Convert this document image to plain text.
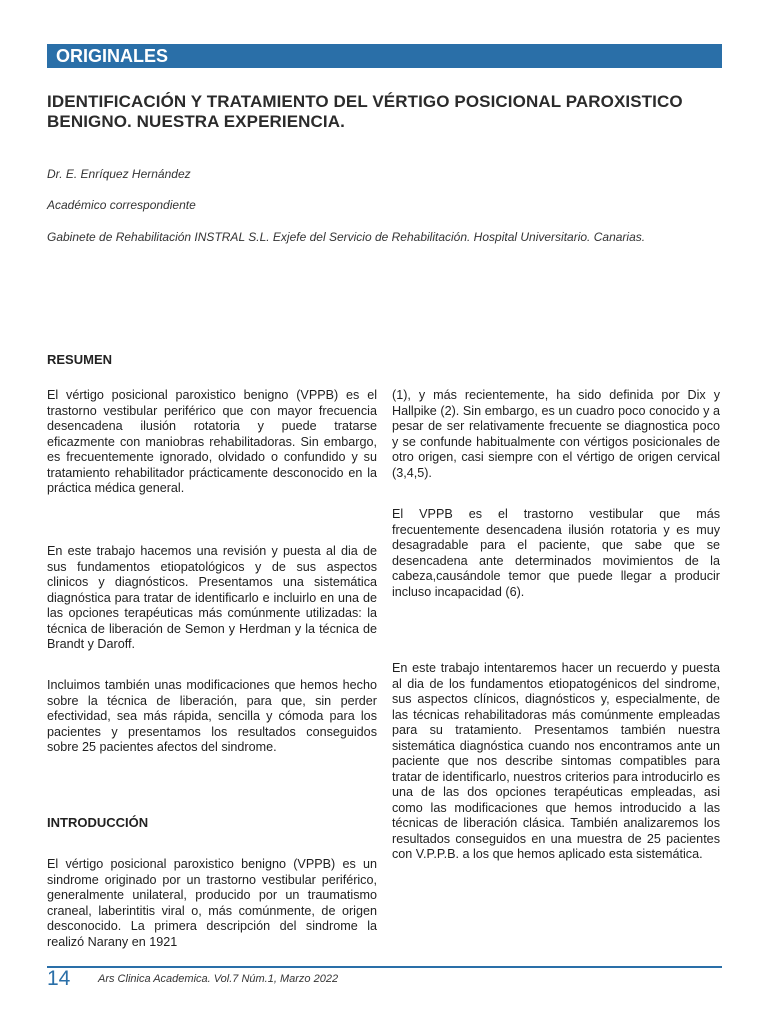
ORIGINALES
IDENTIFICACIÓN Y TRATAMIENTO DEL VÉRTIGO POSICIONAL PAROXISTICO BENIGNO. NUESTRA EXPERIENCIA.
Dr. E. Enríquez Hernández
Académico correspondiente
Gabinete de Rehabilitación INSTRAL S.L. Exjefe del Servicio de Rehabilitación. Hospital Universitario. Canarias.
RESUMEN
El vértigo posicional paroxistico benigno (VPPB) es el trastorno vestibular periférico que con mayor frecuencia desencadena ilusión rotatoria y puede tratarse eficazmente con maniobras rehabilitadoras. Sin embargo, es frecuentemente ignorado, olvidado o confundido y su tratamiento rehabilitador prácticamente desconocido en la práctica médica general.
En este trabajo hacemos una revisión y puesta al dia de sus fundamentos etiopatológicos y de sus aspectos clinicos y diagnósticos. Presentamos una sistemática diagnóstica para tratar de identificarlo e incluirlo en una de las opciones terapéuticas más comúnmente utilizadas: la técnica de liberación de Semon y Herdman y la técnica de Brandt y Daroff.
Incluimos también unas modificaciones que hemos hecho sobre la técnica de liberación, para que, sin perder efectividad, sea más rápida, sencilla y cómoda para los pacientes y presentamos los resultados conseguidos sobre 25 pacientes afectos del sindrome.
INTRODUCCIÓN
El vértigo posicional paroxistico benigno (VPPB) es un sindrome originado por un trastorno vestibular periférico, generalmente unilateral, producido por un traumatismo craneal, laberintitis viral o, más comúnmente, de origen desconocido. La primera descripción del sindrome la realizó Narany en 1921
(1), y más recientemente, ha sido definida por Dix y Hallpike (2). Sin embargo, es un cuadro poco conocido y a pesar de ser relativamente frecuente se diagnostica poco y se confunde habitualmente con vértigos posicionales de otro origen, casi siempre con el vértigo de origen cervical (3,4,5).
El VPPB es el trastorno vestibular que más frecuentemente desencadena ilusión rotatoria y es muy desagradable para el paciente, que sabe que se desencadena ante determinados movimientos de la cabeza,causándole temor que puede llegar a producir incluso incapacidad (6).
En este trabajo intentaremos hacer un recuerdo y puesta al dia de los fundamentos etiopatogénicos del sindrome, sus aspectos clínicos, diagnósticos y, especialmente, de las técnicas rehabilitadoras más comúnmente empleadas para su tratamiento. Presentamos también nuestra sistemática diagnóstica cuando nos encontramos ante un paciente que nos describe sintomas compatibles para tratar de identificarlo, nuestros criterios para introducirlo es una de las dos opciones terapéuticas empleadas, asi como las modificaciones que hemos introducido a las técnicas de liberación clásica. También analizaremos los resultados conseguidos en una muestra de 25 pacientes con V.P.P.B. a los que hemos aplicado esta sistemática.
14	Ars Clinica Academica. Vol.7 Núm.1, Marzo 2022
